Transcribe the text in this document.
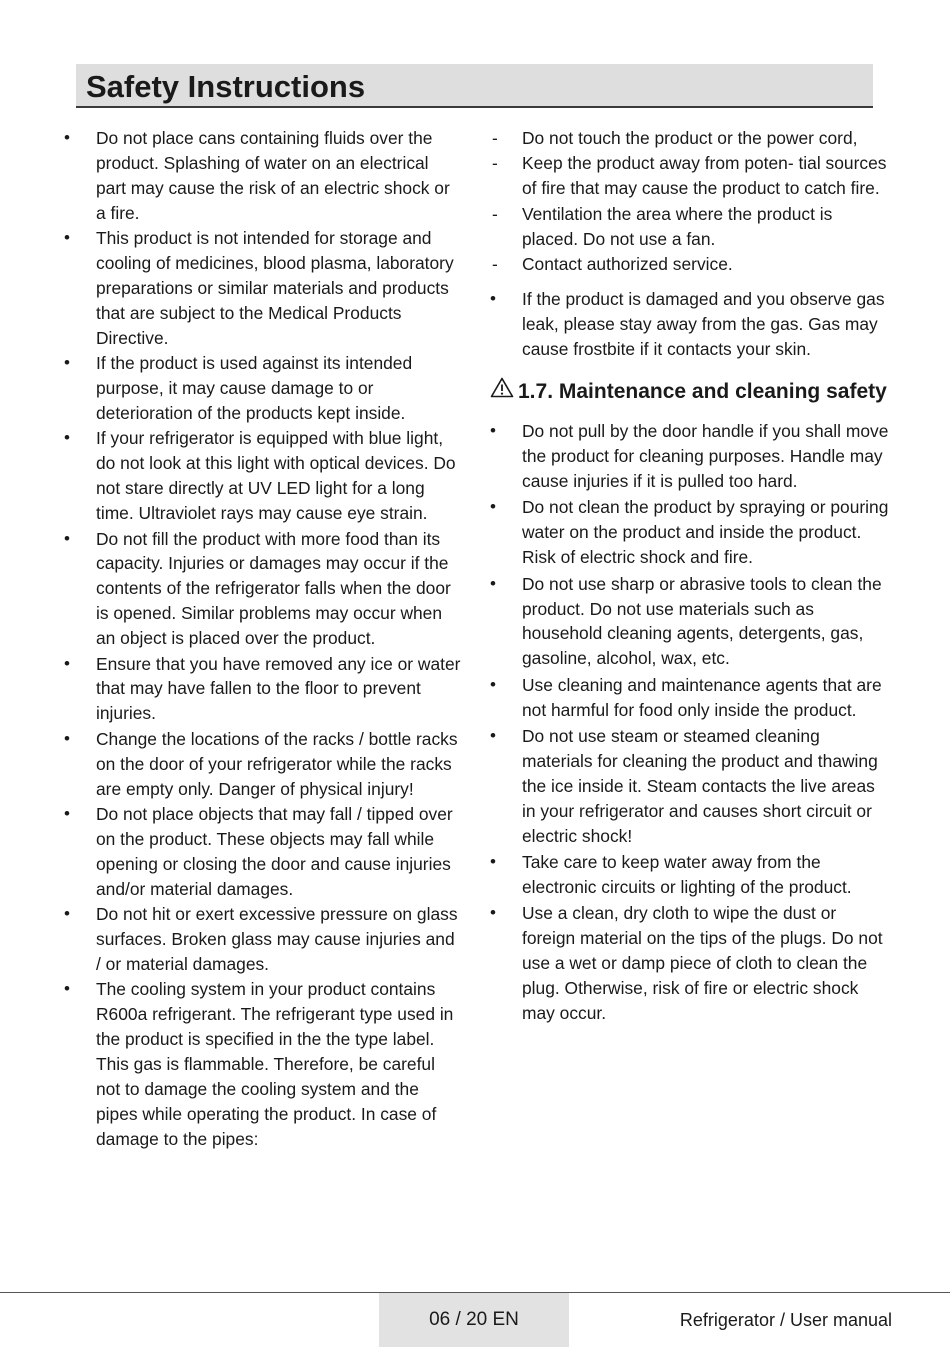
Safety Instructions
•	Do not place cans containing fluids over the product. Splashing of water on an electrical part may cause the risk of an electric shock or a fire.
•	This product is not intended for storage and cooling of medicines, blood plasma, laboratory preparations or similar materials and products that are subject to the Medical Products Directive.
•	If the product is used against its intended purpose, it may cause damage to or deterioration of the products kept inside.
•	If your refrigerator is equipped with blue light, do not look at this light with optical devices. Do not stare directly at UV LED light for a long time. Ultraviolet rays may cause eye strain.
•	Do not fill the product with more food than its capacity. Injuries or damages may occur if the contents of the refrigerator falls when the door is opened. Similar problems may occur when an object is placed over the product.
•	Ensure that you have removed any ice or water that may have fallen to the floor to prevent injuries.
•	Change the locations of the racks / bottle racks on the door of your refrigerator while the racks are empty only. Danger of physical injury!
•	Do not place objects that may fall / tipped over on the product. These objects may fall while opening or closing the door and cause injuries and/or material damages.
•	Do not hit or exert excessive pressure on glass surfaces. Broken glass may cause injuries and / or material damages.
•	The cooling system in your product contains R600a refrigerant. The refrigerant type used in the product is specified in the the type label. This gas is flammable. Therefore, be careful not to damage the cooling system and the pipes while operating the product. In case of damage to the pipes:
-	Do not touch the product or the power cord,
-	Keep the product away from poten- tial sources of fire that may cause the product to catch fire.
-	Ventilation the area where the product is placed. Do not use a fan.
-	Contact authorized service.
•	If the product is damaged and you observe gas leak, please stay away from the gas. Gas may cause frostbite if it contacts your skin.
1.7. Maintenance and cleaning safety
•	Do not pull by the door handle if you shall move the product for cleaning purposes. Handle may cause injuries if it is pulled too hard.
•	Do not clean the product by spraying or pouring water on the product and inside the product. Risk of electric shock and fire.
•	Do not use sharp or abrasive tools to clean the product. Do not use materials such as household cleaning agents, detergents, gas, gasoline, alcohol, wax, etc.
•	Use cleaning and maintenance agents that are not harmful for food only inside the product.
•	Do not use steam or steamed cleaning materials for cleaning the product and thawing the ice inside it. Steam contacts the live areas in your refrigerator and causes short circuit or electric shock!
•	Take care to keep water away from the electronic circuits or lighting of the product.
•	Use a clean, dry cloth to wipe the dust or foreign material on the tips of the plugs. Do not use a wet or damp piece of cloth to clean the plug. Otherwise, risk of fire or electric shock may occur.
06 / 20 EN	Refrigerator / User manual
